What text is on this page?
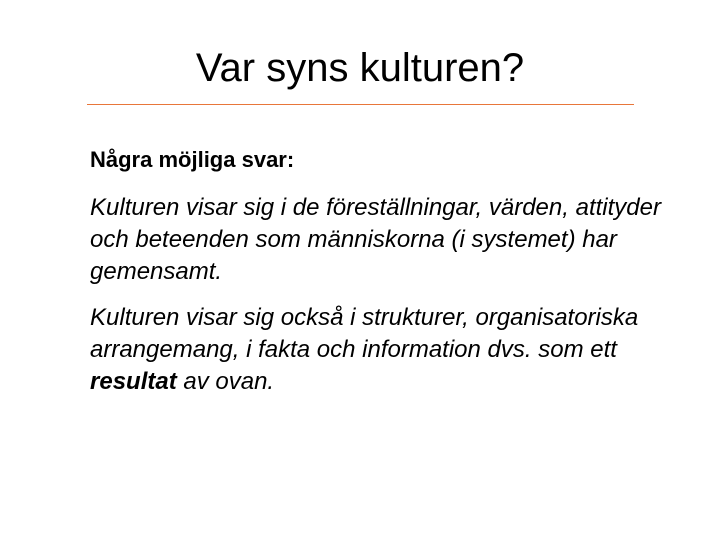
Var syns kulturen?

Några möjliga svar:

Kulturen visar sig i de föreställningar, värden, attityder och beteenden som människorna (i systemet) har gemensamt.

Kulturen visar sig också i strukturer, organisatoriska arrangemang, i fakta och information dvs. som ett resultat av ovan.
